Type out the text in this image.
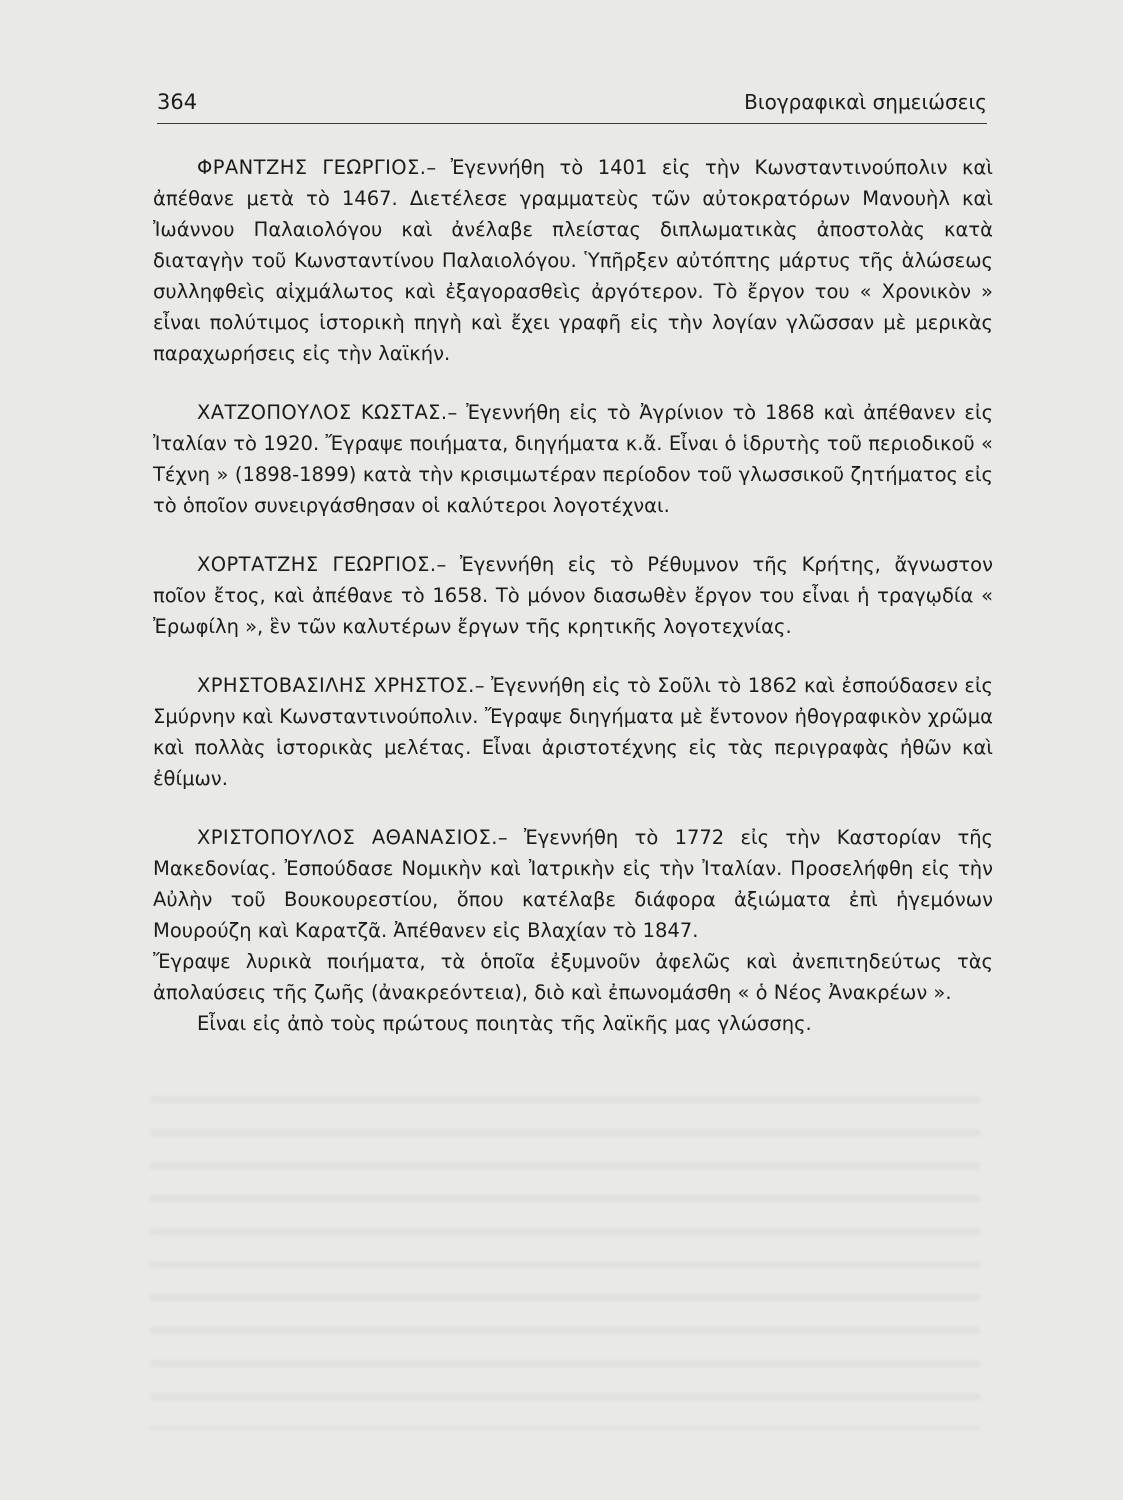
364	Βιογραφικαὶ σημειώσεις

ΦΡΑΝΤΖΗΣ ΓΕΩΡΓΙΟΣ.– Ἐγεννήθη τὸ 1401 εἰς τὴν Κωνσταντινούπολιν καὶ ἀπέθανε μετὰ τὸ 1467. Διετέλεσε γραμματεὺς τῶν αὐτοκρατόρων Μανουὴλ καὶ Ἰωάννου Παλαιολόγου καὶ ἀνέλαβε πλείστας διπλωματικὰς ἀποστολὰς κατὰ διαταγὴν τοῦ Κωνσταντίνου Παλαιολόγου. Ὑπῆρξεν αὐτόπτης μάρτυς τῆς ἁλώσεως συλληφθεὶς αἰχμάλωτος καὶ ἐξαγορασθεὶς ἀργότερον. Τὸ ἔργον του « Χρονικὸν » εἶναι πολύτιμος ἱστορικὴ πηγὴ καὶ ἔχει γραφῆ εἰς τὴν λογίαν γλῶσσαν μὲ μερικὰς παραχωρήσεις εἰς τὴν λαϊκήν.

ΧΑΤΖΟΠΟΥΛΟΣ ΚΩΣΤΑΣ.– Ἐγεννήθη εἰς τὸ Ἀγρίνιον τὸ 1868 καὶ ἀπέθανεν εἰς Ἰταλίαν τὸ 1920. Ἔγραψε ποιήματα, διηγήματα κ.ἄ. Εἶναι ὁ ἱδρυτὴς τοῦ περιοδικοῦ « Τέχνη » (1898-1899) κατὰ τὴν κρισιμωτέραν περίοδον τοῦ γλωσσικοῦ ζητήματος εἰς τὸ ὁποῖον συνειργάσθησαν οἱ καλύτεροι λογοτέχναι.

ΧΟΡΤΑΤΖΗΣ ΓΕΩΡΓΙΟΣ.– Ἐγεννήθη εἰς τὸ Ρέθυμνον τῆς Κρήτης, ἄγνωστον ποῖον ἔτος, καὶ ἀπέθανε τὸ 1658. Τὸ μόνον διασωθὲν ἔργον του εἶναι ἡ τραγῳδία « Ἐρωφίλη », ἓν τῶν καλυτέρων ἔργων τῆς κρητικῆς λογοτεχνίας.

ΧΡΗΣΤΟΒΑΣΙΛΗΣ ΧΡΗΣΤΟΣ.– Ἐγεννήθη εἰς τὸ Σοῦλι τὸ 1862 καὶ ἐσπούδασεν εἰς Σμύρνην καὶ Κωνσταντινούπολιν. Ἔγραψε διηγήματα μὲ ἔντονον ἠθογραφικὸν χρῶμα καὶ πολλὰς ἱστορικὰς μελέτας. Εἶναι ἀριστοτέχνης εἰς τὰς περιγραφὰς ἠθῶν καὶ ἐθίμων.

ΧΡΙΣΤΟΠΟΥΛΟΣ ΑΘΑΝΑΣΙΟΣ.– Ἐγεννήθη τὸ 1772 εἰς τὴν Καστορίαν τῆς Μακεδονίας. Ἐσπούδασε Νομικὴν καὶ Ἰατρικὴν εἰς τὴν Ἰταλίαν. Προσελήφθη εἰς τὴν Αὐλὴν τοῦ Βουκουρεστίου, ὅπου κατέλαβε διάφορα ἀξιώματα ἐπὶ ἡγεμόνων Μουρούζη καὶ Καρατζᾶ. Ἀπέθανεν εἰς Βλαχίαν τὸ 1847.

Ἔγραψε λυρικὰ ποιήματα, τὰ ὁποῖα ἐξυμνοῦν ἀφελῶς καὶ ἀνεπιτηδεύτως τὰς ἀπολαύσεις τῆς ζωῆς (ἀνακρεόντεια), διὸ καὶ ἐπωνομάσθη « ὁ Νέος Ἀνακρέων ».

Εἶναι εἰς ἀπὸ τοὺς πρώτους ποιητὰς τῆς λαϊκῆς μας γλώσσης.
